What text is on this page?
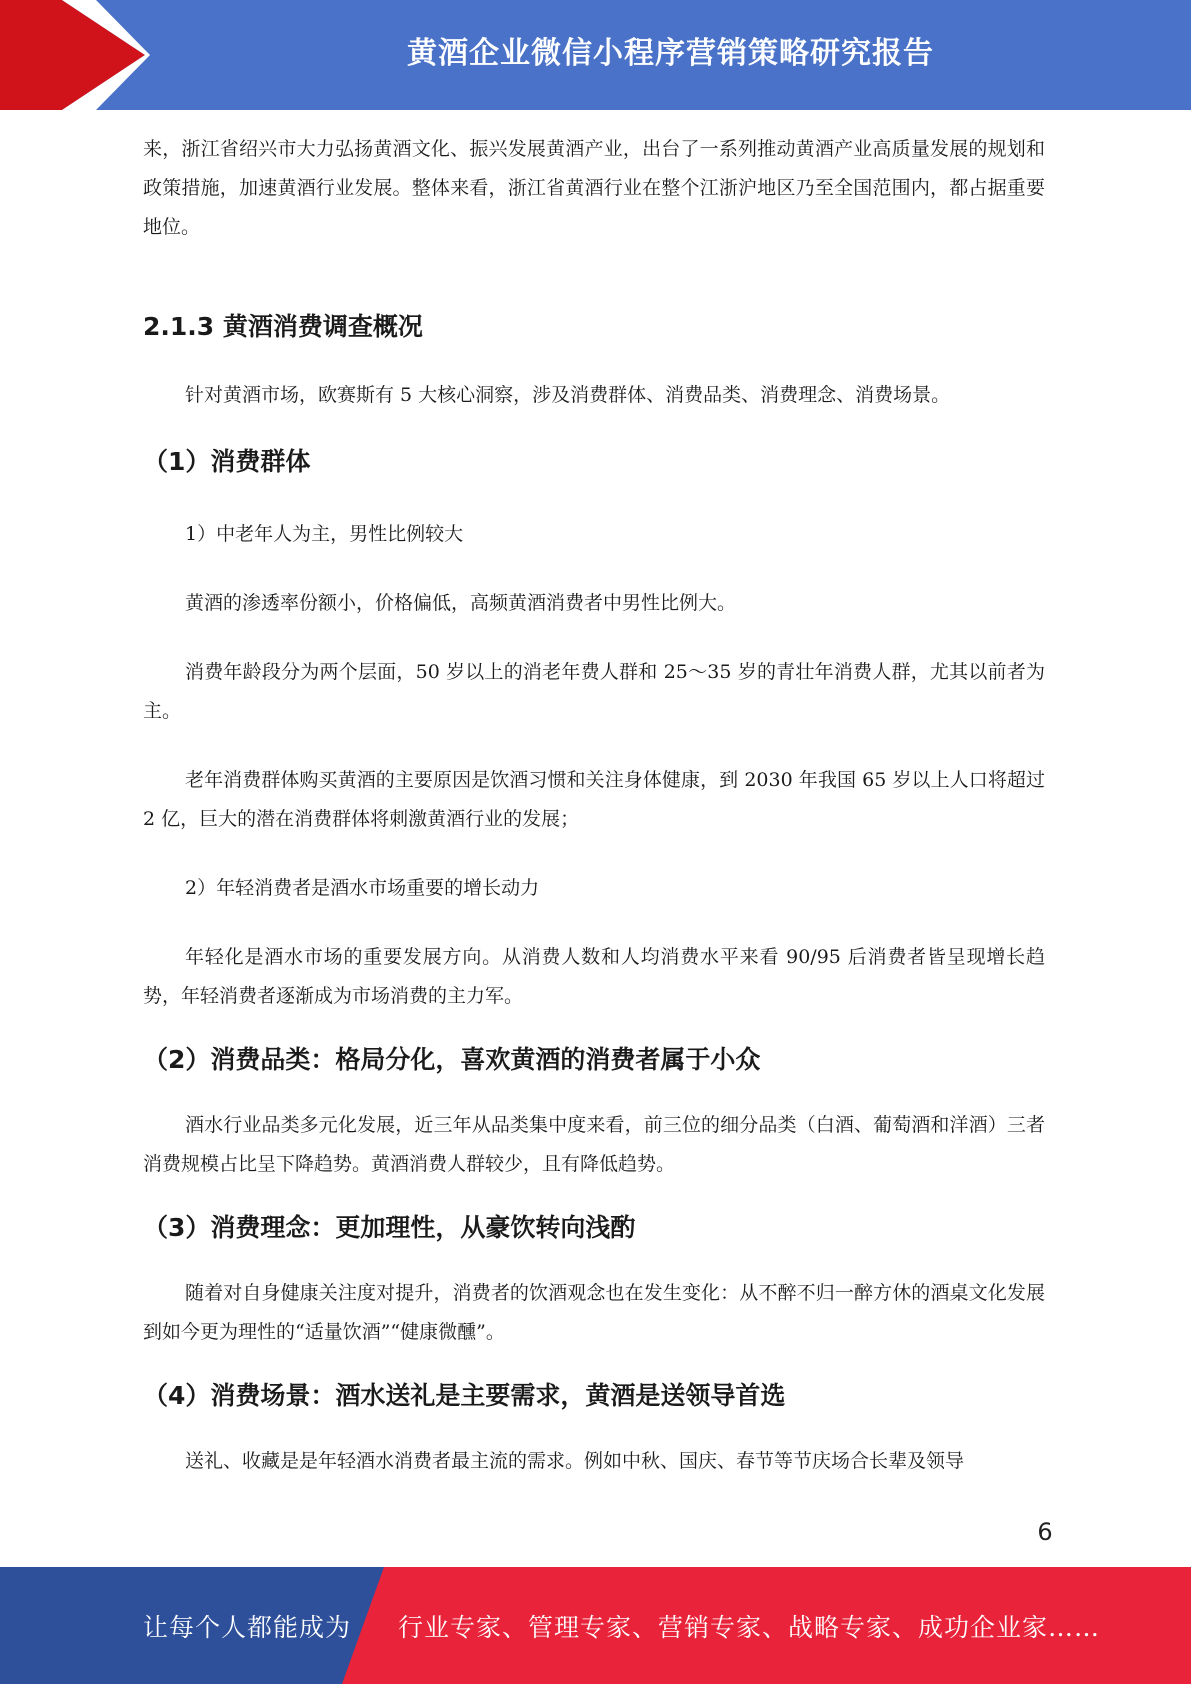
黄酒企业微信小程序营销策略研究报告

来，浙江省绍兴市大力弘扬黄酒文化、振兴发展黄酒产业，出台了一系列推动黄酒产业高质量发展的规划和政策措施，加速黄酒行业发展。整体来看，浙江省黄酒行业在整个江浙沪地区乃至全国范围内，都占据重要地位。

2.1.3 黄酒消费调查概况

针对黄酒市场，欧赛斯有 5 大核心洞察，涉及消费群体、消费品类、消费理念、消费场景。

（1）消费群体

1）中老年人为主，男性比例较大

黄酒的渗透率份额小，价格偏低，高频黄酒消费者中男性比例大。

消费年龄段分为两个层面，50 岁以上的消老年费人群和 25～35 岁的青壮年消费人群，尤其以前者为主。

老年消费群体购买黄酒的主要原因是饮酒习惯和关注身体健康，到 2030 年我国 65 岁以上人口将超过 2 亿，巨大的潜在消费群体将刺激黄酒行业的发展；

2）年轻消费者是酒水市场重要的增长动力

年轻化是酒水市场的重要发展方向。从消费人数和人均消费水平来看 90/95 后消费者皆呈现增长趋势，年轻消费者逐渐成为市场消费的主力军。

（2）消费品类：格局分化，喜欢黄酒的消费者属于小众

酒水行业品类多元化发展，近三年从品类集中度来看，前三位的细分品类（白酒、葡萄酒和洋酒）三者消费规模占比呈下降趋势。黄酒消费人群较少，且有降低趋势。

（3）消费理念：更加理性，从豪饮转向浅酌

随着对自身健康关注度对提升，消费者的饮酒观念也在发生变化：从不醉不归一醉方休的酒桌文化发展到如今更为理性的“适量饮酒”“健康微醺”。

（4）消费场景：酒水送礼是主要需求，黄酒是送领导首选

送礼、收藏是是年轻酒水消费者最主流的需求。例如中秋、国庆、春节等节庆场合长辈及领导

6
让每个人都能成为 行业专家、管理专家、营销专家、战略专家、成功企业家……
